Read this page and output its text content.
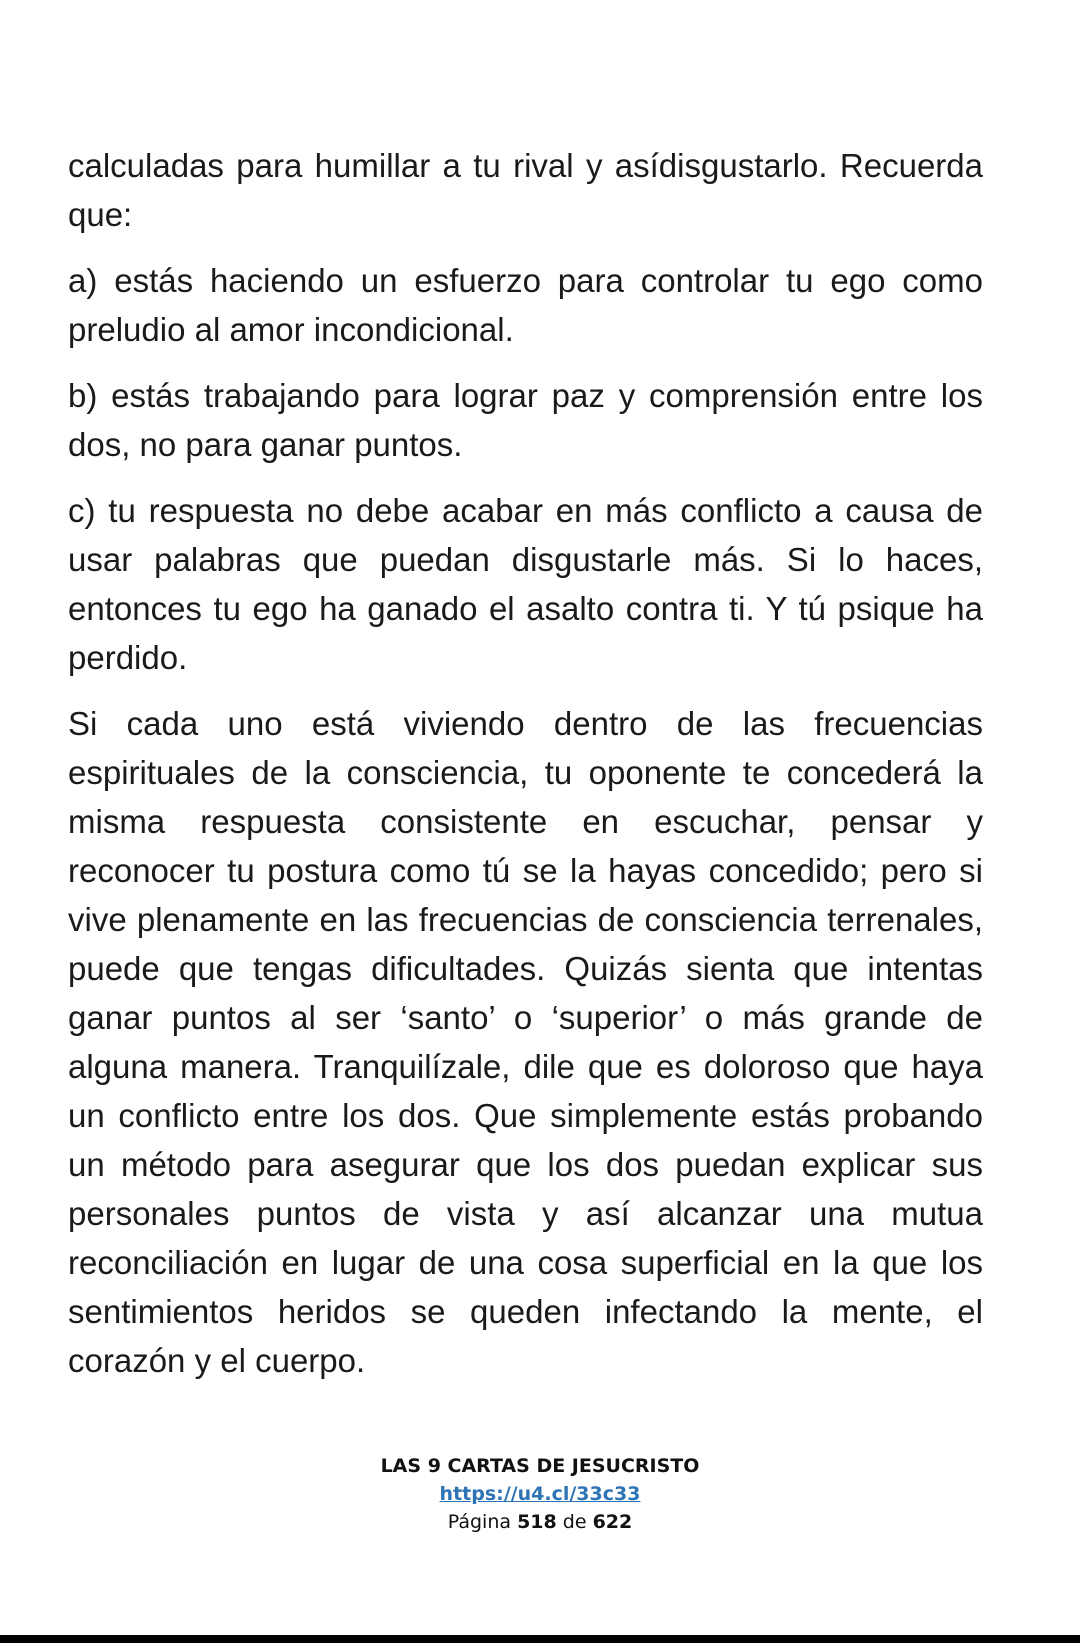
calculadas para humillar a tu rival y asídisgustarlo. Recuerda que:

a) estás haciendo un esfuerzo para controlar tu ego como preludio al amor incondicional.

b) estás trabajando para lograr paz y comprensión entre los dos, no para ganar puntos.

c) tu respuesta no debe acabar en más conflicto a causa de usar palabras que puedan disgustarle más. Si lo haces, entonces tu ego ha ganado el asalto contra ti. Y tú psique ha perdido.

Si cada uno está viviendo dentro de las frecuencias espirituales de la consciencia, tu oponente te concederá la misma respuesta consistente en escuchar, pensar y reconocer tu postura como tú se la hayas concedido; pero si vive plenamente en las frecuencias de consciencia terrenales, puede que tengas dificultades. Quizás sienta que intentas ganar puntos al ser ‘santo’ o ‘superior’ o más grande de alguna manera. Tranquilízale, dile que es doloroso que haya un conflicto entre los dos. Que simplemente estás probando un método para asegurar que los dos puedan explicar sus personales puntos de vista y así alcanzar una mutua reconciliación en lugar de una cosa superficial en la que los sentimientos heridos se queden infectando la mente, el corazón y el cuerpo.

LAS 9 CARTAS DE JESUCRISTO
https://u4.cl/33c33
Página 518 de 622
